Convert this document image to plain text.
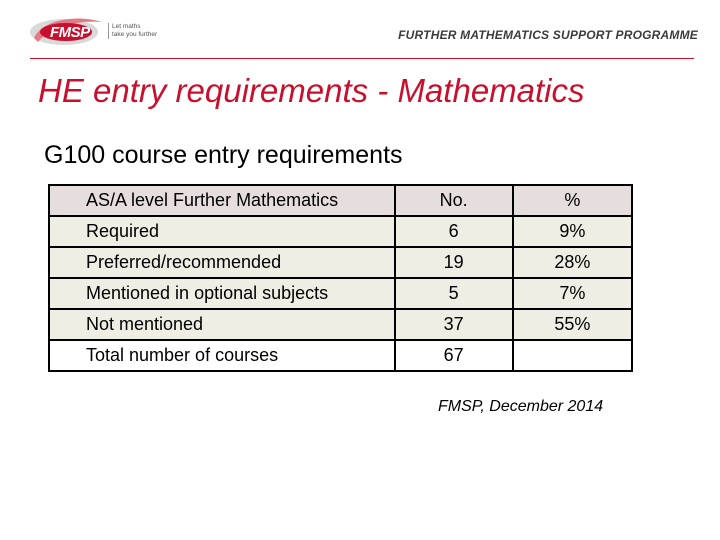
FMSP	Let maths
take you further	FURTHER MATHEMATICS SUPPORT PROGRAMME
HE entry requirements - Mathematics
G100 course entry requirements
AS/A level Further Mathematics	No.	%
Required	6	9%
Preferred/recommended	19	28%
Mentioned in optional subjects	5	7%
Not mentioned	37	55%
Total number of courses	67	
FMSP, December 2014
